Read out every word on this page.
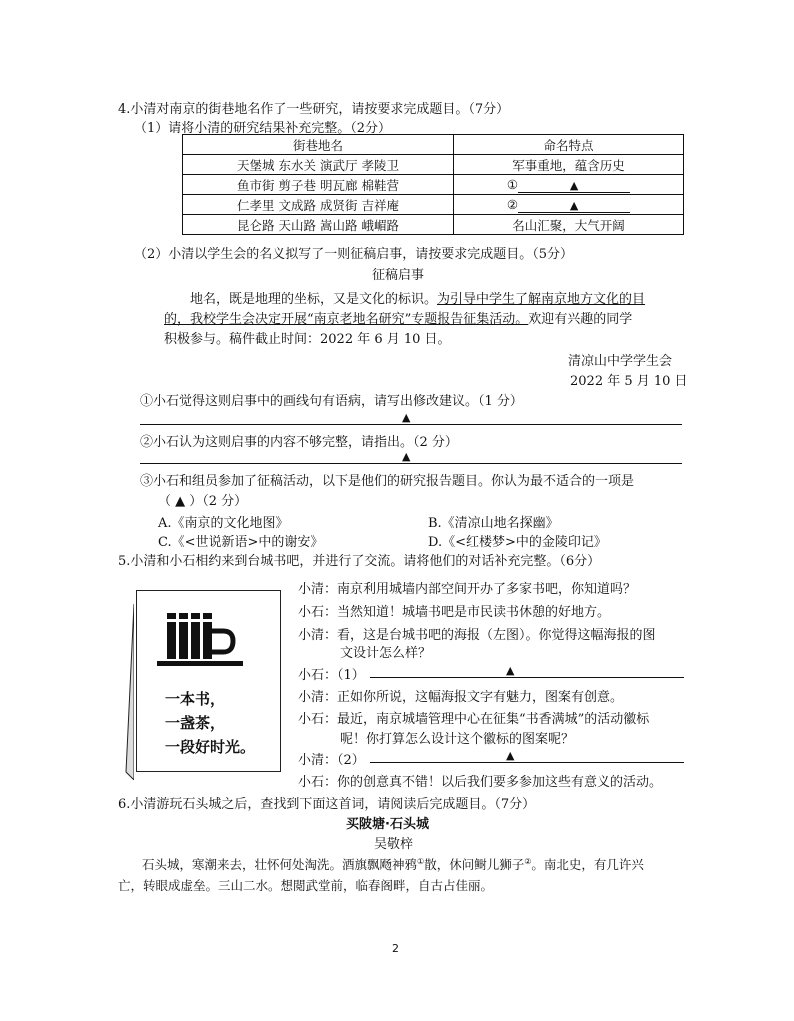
4.小清对南京的街巷地名作了一些研究，请按要求完成题目。（7分）
（1）请将小清的研究结果补充完整。（2分）
街巷地名	命名特点
天堡城 东水关 演武厅 孝陵卫	军事重地，蕴含历史
鱼市街 剪子巷 明瓦廊 棉鞋营	① ▲
仁孝里 文成路 成贤街 吉祥庵	② ▲
昆仑路 天山路 嵩山路 峨嵋路	名山汇聚，大气开阔
（2）小清以学生会的名义拟写了一则征稿启事，请按要求完成题目。（5分）
征稿启事
地名，既是地理的坐标，又是文化的标识。为引导中学生了解南京地方文化的目
的，我校学生会决定开展“南京老地名研究”专题报告征集活动。欢迎有兴趣的同学
积极参与。稿件截止时间：2022 年 6 月 10 日。
清凉山中学学生会
2022 年 5 月 10 日
①小石觉得这则启事中的画线句有语病，请写出修改建议。（1 分）
▲
②小石认为这则启事的内容不够完整，请指出。（2 分）
▲
③小石和组员参加了征稿活动，以下是他们的研究报告题目。你认为最不适合的一项是
（ ▲ ）（2 分）
A.《南京的文化地图》	B.《清凉山地名探幽》
C.《<世说新语>中的谢安》	D.《<红楼梦>中的金陵印记》
5.小清和小石相约来到台城书吧，并进行了交流。请将他们的对话补充完整。（6分）
一本书，
一盏茶，
一段好时光。
小清：南京利用城墙内部空间开办了多家书吧，你知道吗？
小石：当然知道！城墙书吧是市民读书休憩的好地方。
小清：看，这是台城书吧的海报（左图）。你觉得这幅海报的图
文设计怎么样？
小石：（1）	▲
小清：正如你所说，这幅海报文字有魅力，图案有创意。
小石：最近，南京城墙管理中心在征集“书香满城”的活动徽标
呢！你打算怎么设计这个徽标的图案呢？
小清：（2）	▲
小石：你的创意真不错！以后我们要多参加这些有意义的活动。
6.小清游玩石头城之后，查找到下面这首词，请阅读后完成题目。（7分）
买陂塘·石头城
吴敬梓
石头城，寒潮来去，壮怀何处淘洗。酒旗飘飏神鸦①散，休问鲥儿狮子②。南北史，有几许兴
亡，转眼成虚垒。三山二水。想閲武堂前，临春阁畔，自古占佳丽。
2
